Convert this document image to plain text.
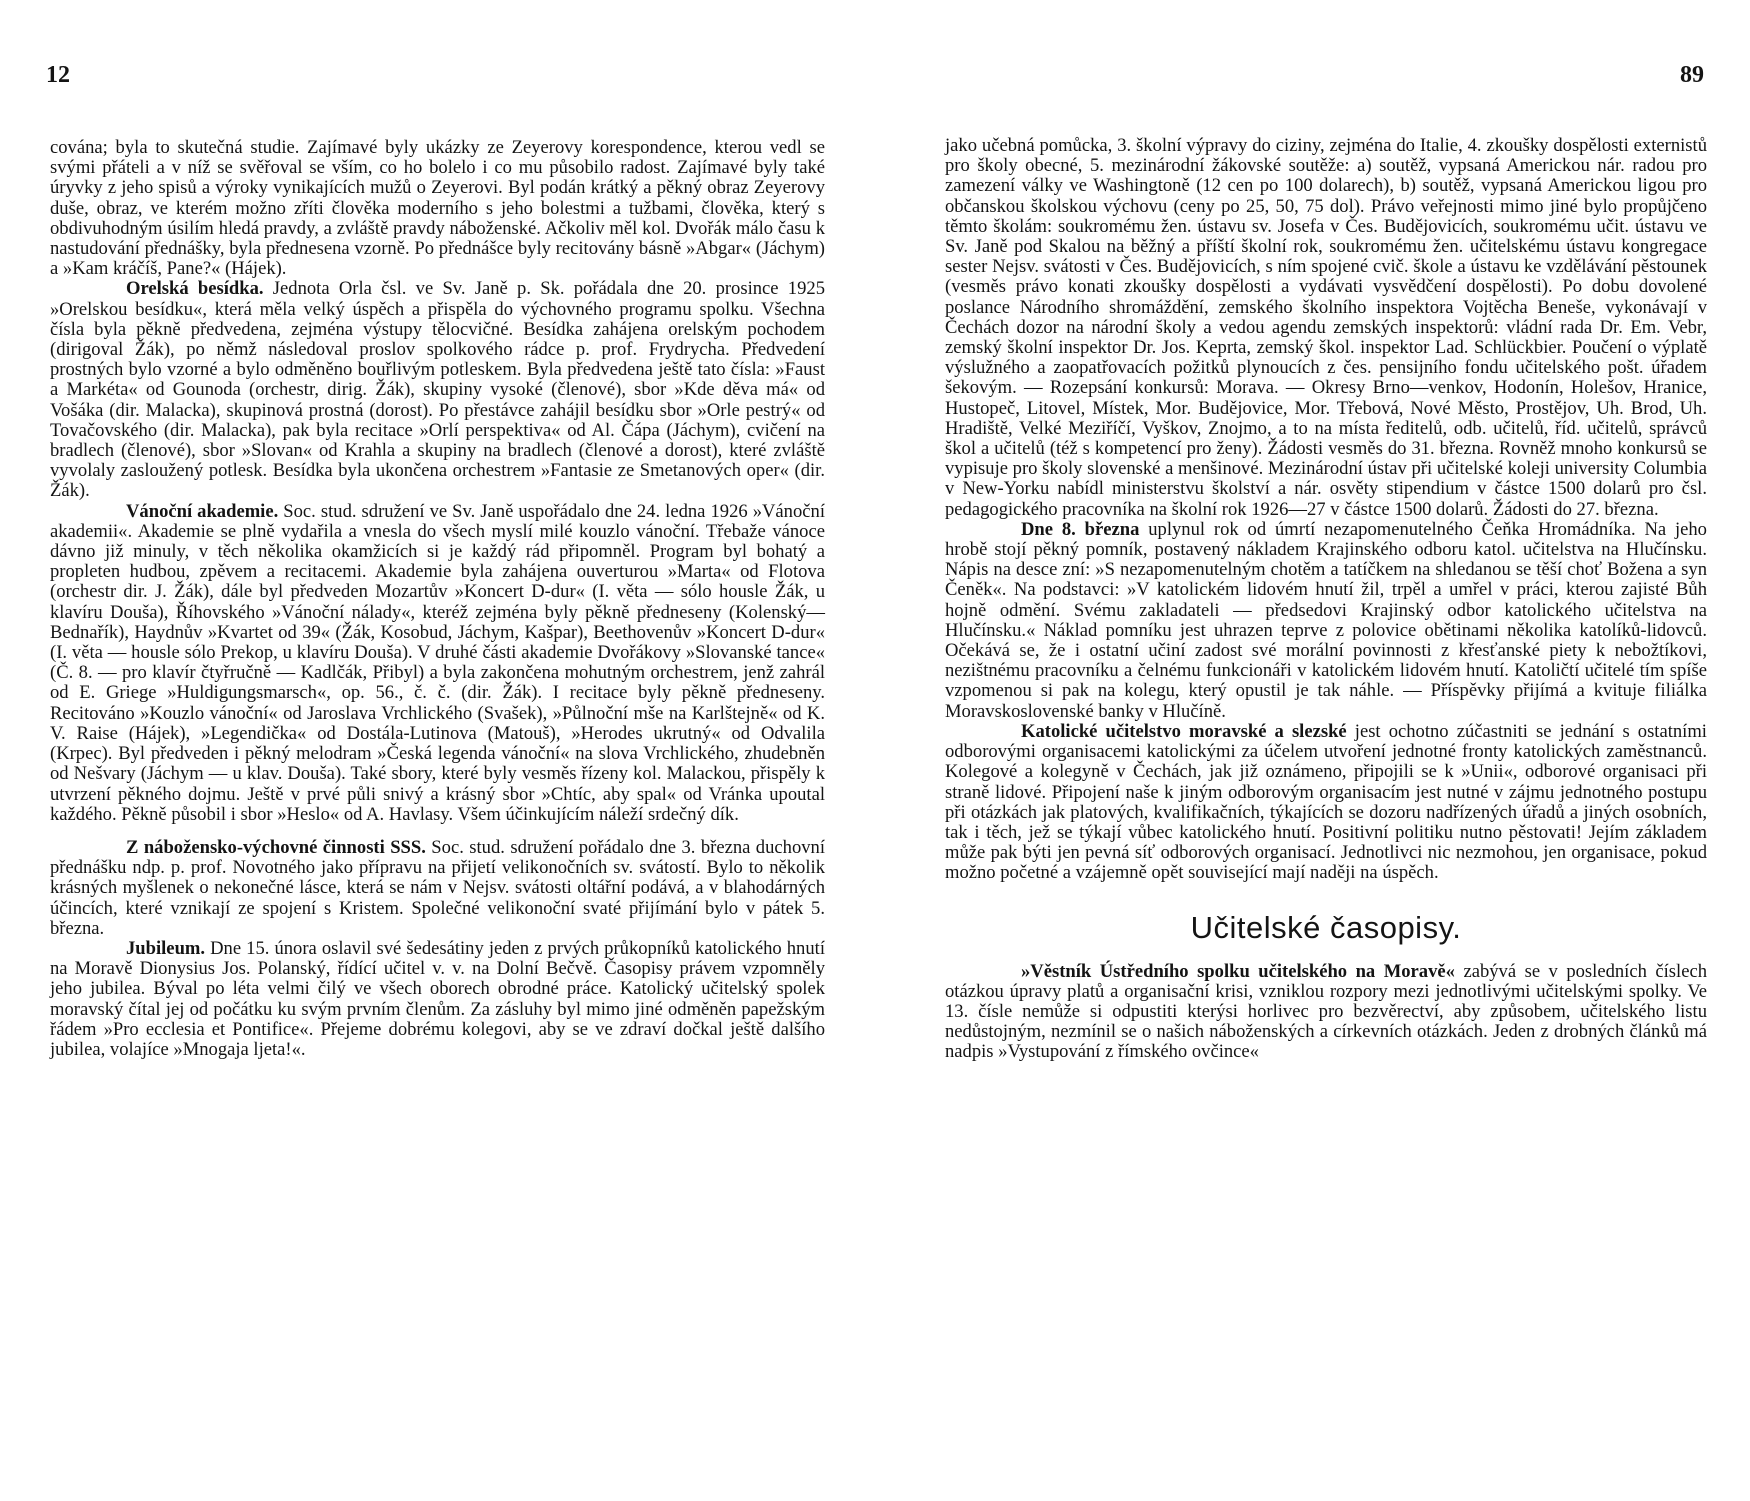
12	89

cována; byla to skutečná studie. Zajímavé byly ukázky ze Zeyerovy korespondence, kterou vedl se svými přáteli a v níž se svěřoval se vším, co ho bolelo i co mu působilo radost. Zajímavé byly také úryvky z jeho spisů a výroky vynikajících mužů o Zeyerovi. Byl podán krátký a pěkný obraz Zeyerovy duše, obraz, ve kterém možno zříti člověka moderního s jeho bolestmi a tužbami, člověka, který s obdivuhodným úsilím hledá pravdy, a zvláště pravdy náboženské. Ačkoliv měl kol. Dvořák málo času k nastudování přednášky, byla přednesena vzorně. Po přednášce byly recitovány básně »Abgar« (Jáchym) a »Kam kráčíš, Pane?« (Hájek).

Orelská besídka. Jednota Orla čsl. ve Sv. Janě p. Sk. pořádala dne 20. prosince 1925 »Orelskou besídku«, která měla velký úspěch a přispěla do výchovného programu spolku. Všechna čísla byla pěkně předvedena, zejména výstupy tělocvičné. Besídka zahájena orelským pochodem (dirigoval Žák), po němž následoval proslov spolkového rádce p. prof. Frydrycha. Předvedení prostných bylo vzorné a bylo odměněno bouřlivým potleskem. Byla předvedena ještě tato čísla: »Faust a Markéta« od Gounoda (orchestr, dirig. Žák), skupiny vysoké (členové), sbor »Kde děva má« od Vošáka (dir. Malacka), skupinová prostná (dorost). Po přestávce zahájil besídku sbor »Orle pestrý« od Tovačovského (dir. Malacka), pak byla recitace »Orlí perspektiva« od Al. Čápa (Jáchym), cvičení na bradlech (členové), sbor »Slovan« od Krahla a skupiny na bradlech (členové a dorost), které zvláště vyvolaly zasloužený potlesk. Besídka byla ukončena orchestrem »Fantasie ze Smetanových oper« (dir. Žák).

Vánoční akademie. Soc. stud. sdružení ve Sv. Janě uspořádalo dne 24. ledna 1926 »Vánoční akademii«. Akademie se plně vydařila a vnesla do všech myslí milé kouzlo vánoční. Třebaže vánoce dávno již minuly, v těch několika okamžicích si je každý rád připomněl. Program byl bohatý a propleten hudbou, zpěvem a recitacemi. Akademie byla zahájena ouverturou »Marta« od Flotova (orchestr dir. J. Žák), dále byl předveden Mozartův »Koncert D-dur« (I. věta — sólo housle Žák, u klavíru Douša), Říhovského »Vánoční nálady«, kteréž zejména byly pěkně předneseny (Kolenský—Bednařík), Haydnův »Kvartet od 39« (Žák, Kosobud, Jáchym, Kašpar), Beethovenův »Koncert D-dur« (I. věta — housle sólo Prekop, u klavíru Douša). V druhé části akademie Dvořákovy »Slovanské tance« (Č. 8. — pro klavír čtyřručně — Kadlčák, Přibyl) a byla zakončena mohutným orchestrem, jenž zahrál od E. Griege »Huldigungsmarsch«, op. 56., č. č. (dir. Žák). I recitace byly pěkně předneseny. Recitováno »Kouzlo vánoční« od Jaroslava Vrchlického (Svašek), »Půlnoční mše na Karlštejně« od K. V. Raise (Hájek), »Legendička« od Dostála-Lutinova (Matouš), »Herodes ukrutný« od Odvalila (Krpec). Byl předveden i pěkný melodram »Česká legenda vánoční« na slova Vrchlického, zhudebněn od Nešvary (Jáchym — u klav. Douša). Také sbory, které byly vesměs řízeny kol. Malackou, přispěly k utvrzení pěkného dojmu. Ještě v prvé půli snivý a krásný sbor »Chtíc, aby spal« od Vránka upoutal každého. Pěkně působil i sbor »Heslo« od A. Havlasy. Všem účinkujícím náleží srdečný dík.

Z nábožensko-výchovné činnosti SSS. Soc. stud. sdružení pořádalo dne 3. března duchovní přednášku ndp. p. prof. Novotného jako přípravu na přijetí velikonočních sv. svátostí. Bylo to několik krásných myšlenek o nekonečné lásce, která se nám v Nejsv. svátosti oltářní podává, a v blahodárných účincích, které vznikají ze spojení s Kristem. Společné velikonoční svaté přijímání bylo v pátek 5. března.

Jubileum. Dne 15. února oslavil své šedesátiny jeden z prvých průkopníků katolického hnutí na Moravě Dionysius Jos. Polanský, řídící učitel v. v. na Dolní Bečvě. Časopisy právem vzpomněly jeho jubilea. Býval po léta velmi čilý ve všech oborech obrodné práce. Katolický učitelský spolek moravský čítal jej od počátku ku svým prvním členům. Za zásluhy byl mimo jiné odměněn papežským řádem »Pro ecclesia et Pontifice«. Přejeme dobrému kolegovi, aby se ve zdraví dočkal ještě dalšího jubilea, volajíce »Mnogaja ljeta!«.

jako učebná pomůcka, 3. školní výpravy do ciziny, zejména do Italie, 4. zkoušky dospělosti externistů pro školy obecné, 5. mezinárodní žákovské soutěže: a) soutěž, vypsaná Americkou nár. radou pro zamezení války ve Washingtoně (12 cen po 100 dolarech), b) soutěž, vypsaná Americkou ligou pro občanskou školskou výchovu (ceny po 25, 50, 75 dol). Právo veřejnosti mimo jiné bylo propůjčeno těmto školám: soukromému žen. ústavu sv. Josefa v Čes. Budějovicích, soukromému učit. ústavu ve Sv. Janě pod Skalou na běžný a příští školní rok, soukromému žen. učitelskému ústavu kongregace sester Nejsv. svátosti v Čes. Budějovicích, s ním spojené cvič. škole a ústavu ke vzdělávání pěstounek (vesměs právo konati zkoušky dospělosti a vydávati vysvědčení dospělosti). Po dobu dovolené poslance Národního shromáždění, zemského školního inspektora Vojtěcha Beneše, vykonávají v Čechách dozor na národní školy a vedou agendu zemských inspektorů: vládní rada Dr. Em. Vebr, zemský školní inspektor Dr. Jos. Keprta, zemský škol. inspektor Lad. Schlückbier. Poučení o výplatě výslužného a zaopatřovacích požitků plynoucích z čes. pensijního fondu učitelského pošt. úřadem šekovým. — Rozepsání konkursů: Morava. — Okresy Brno—venkov, Hodonín, Holešov, Hranice, Hustopeč, Litovel, Místek, Mor. Budějovice, Mor. Třebová, Nové Město, Prostějov, Uh. Brod, Uh. Hradiště, Velké Meziříčí, Vyškov, Znojmo, a to na místa ředitelů, odb. učitelů, říd. učitelů, správců škol a učitelů (též s kompetencí pro ženy). Žádosti vesměs do 31. března. Rovněž mnoho konkursů se vypisuje pro školy slovenské a menšinové. Mezinárodní ústav při učitelské koleji university Columbia v New-Yorku nabídl ministerstvu školství a nár. osvěty stipendium v částce 1500 dolarů pro čsl. pedagogického pracovníka na školní rok 1926—27 v částce 1500 dolarů. Žádosti do 27. března.

Dne 8. března uplynul rok od úmrtí nezapomenutelného Čeňka Hromádníka. Na jeho hrobě stojí pěkný pomník, postavený nákladem Krajinského odboru katol. učitelstva na Hlučínsku. Nápis na desce zní: »S nezapomenutelným chotěm a tatíčkem na shledanou se těší choť Božena a syn Čeněk«. Na podstavci: »V katolickém lidovém hnutí žil, trpěl a umřel v práci, kterou zajisté Bůh hojně odmění. Svému zakladateli — předsedovi Krajinský odbor katolického učitelstva na Hlučínsku.« Náklad pomníku jest uhrazen teprve z polovice obětinami několika katolíků-lidovců. Očekává se, že i ostatní učiní zadost své morální povinnosti z křesťanské piety k nebožtíkovi, nezištnému pracovníku a čelnému funkcionáři v katolickém lidovém hnutí. Katoličtí učitelé tím spíše vzpomenou si pak na kolegu, který opustil je tak náhle. — Příspěvky přijímá a kvituje filiálka Moravskoslovenské banky v Hlučíně.

Katolické učitelstvo moravské a slezské jest ochotno zúčastniti se jednání s ostatními odborovými organisacemi katolickými za účelem utvoření jednotné fronty katolických zaměstnanců. Kolegové a kolegyně v Čechách, jak již oznámeno, připojili se k »Unii«, odborové organisaci při straně lidové. Připojení naše k jiným odborovým organisacím jest nutné v zájmu jednotného postupu při otázkách jak platových, kvalifikačních, týkajících se dozoru nadřízených úřadů a jiných osobních, tak i těch, jež se týkají vůbec katolického hnutí. Positivní politiku nutno pěstovati! Jejím základem může pak býti jen pevná síť odborových organisací. Jednotlivci nic nezmohou, jen organisace, pokud možno početné a vzájemně opět související mají naději na úspěch.

Učitelské časopisy.

»Věstník Ústředního spolku učitelského na Moravě« zabývá se v posledních číslech otázkou úpravy platů a organisační krisi, vzniklou rozpory mezi jednotlivými učitelskými spolky. Ve 13. čísle nemůže si odpustiti kterýsi horlivec pro bezvěrectví, aby způsobem, učitelského listu nedůstojným, nezmínil se o našich náboženských a církevních otázkách. Jeden z drobných článků má nadpis »Vystupování z římského ovčince«
